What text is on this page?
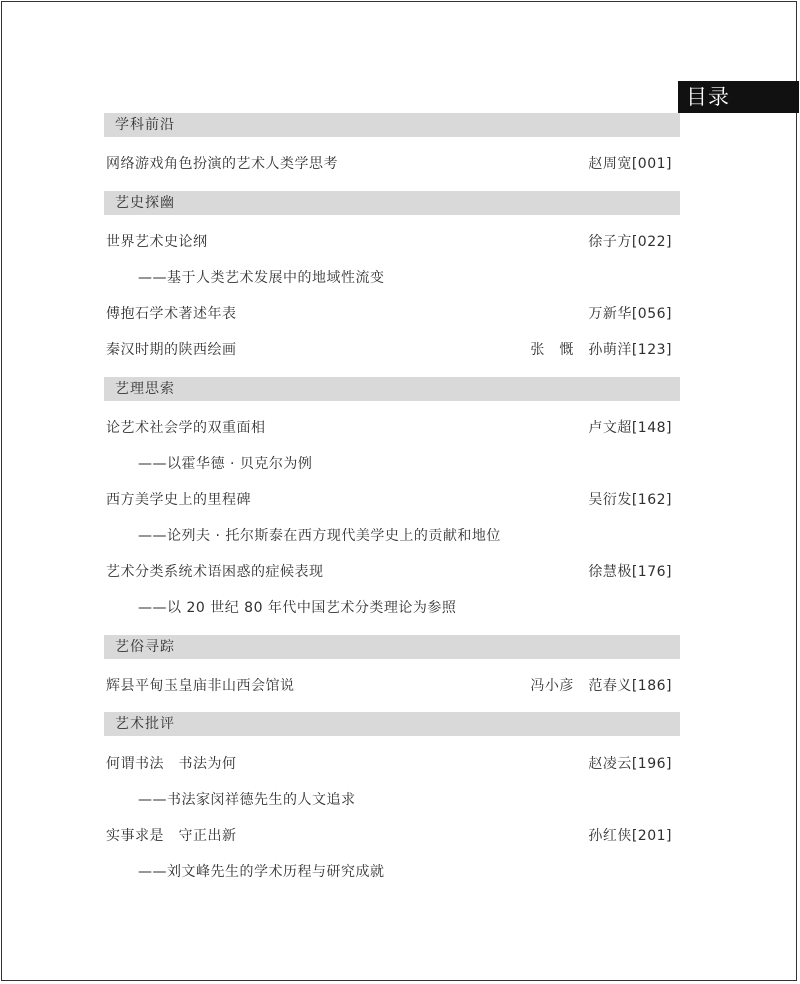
目录
学科前沿
网络游戏角色扮演的艺术人类学思考	赵周宽[001]
艺史探幽
世界艺术史论纲	徐子方[022]
——基于人类艺术发展中的地域性流变
傅抱石学术著述年表	万新华[056]
秦汉时期的陕西绘画	张　慨　孙萌洋[123]
艺理思索
论艺术社会学的双重面相	卢文超[148]
——以霍华德 · 贝克尔为例
西方美学史上的里程碑	吴衍发[162]
——论列夫 · 托尔斯泰在西方现代美学史上的贡献和地位
艺术分类系统术语困惑的症候表现	徐慧极[176]
——以 20 世纪 80 年代中国艺术分类理论为参照
艺俗寻踪
辉县平甸玉皇庙非山西会馆说	冯小彦　范春义[186]
艺术批评
何谓书法　书法为何	赵凌云[196]
——书法家闵祥德先生的人文追求
实事求是　守正出新	孙红侠[201]
——刘文峰先生的学术历程与研究成就
